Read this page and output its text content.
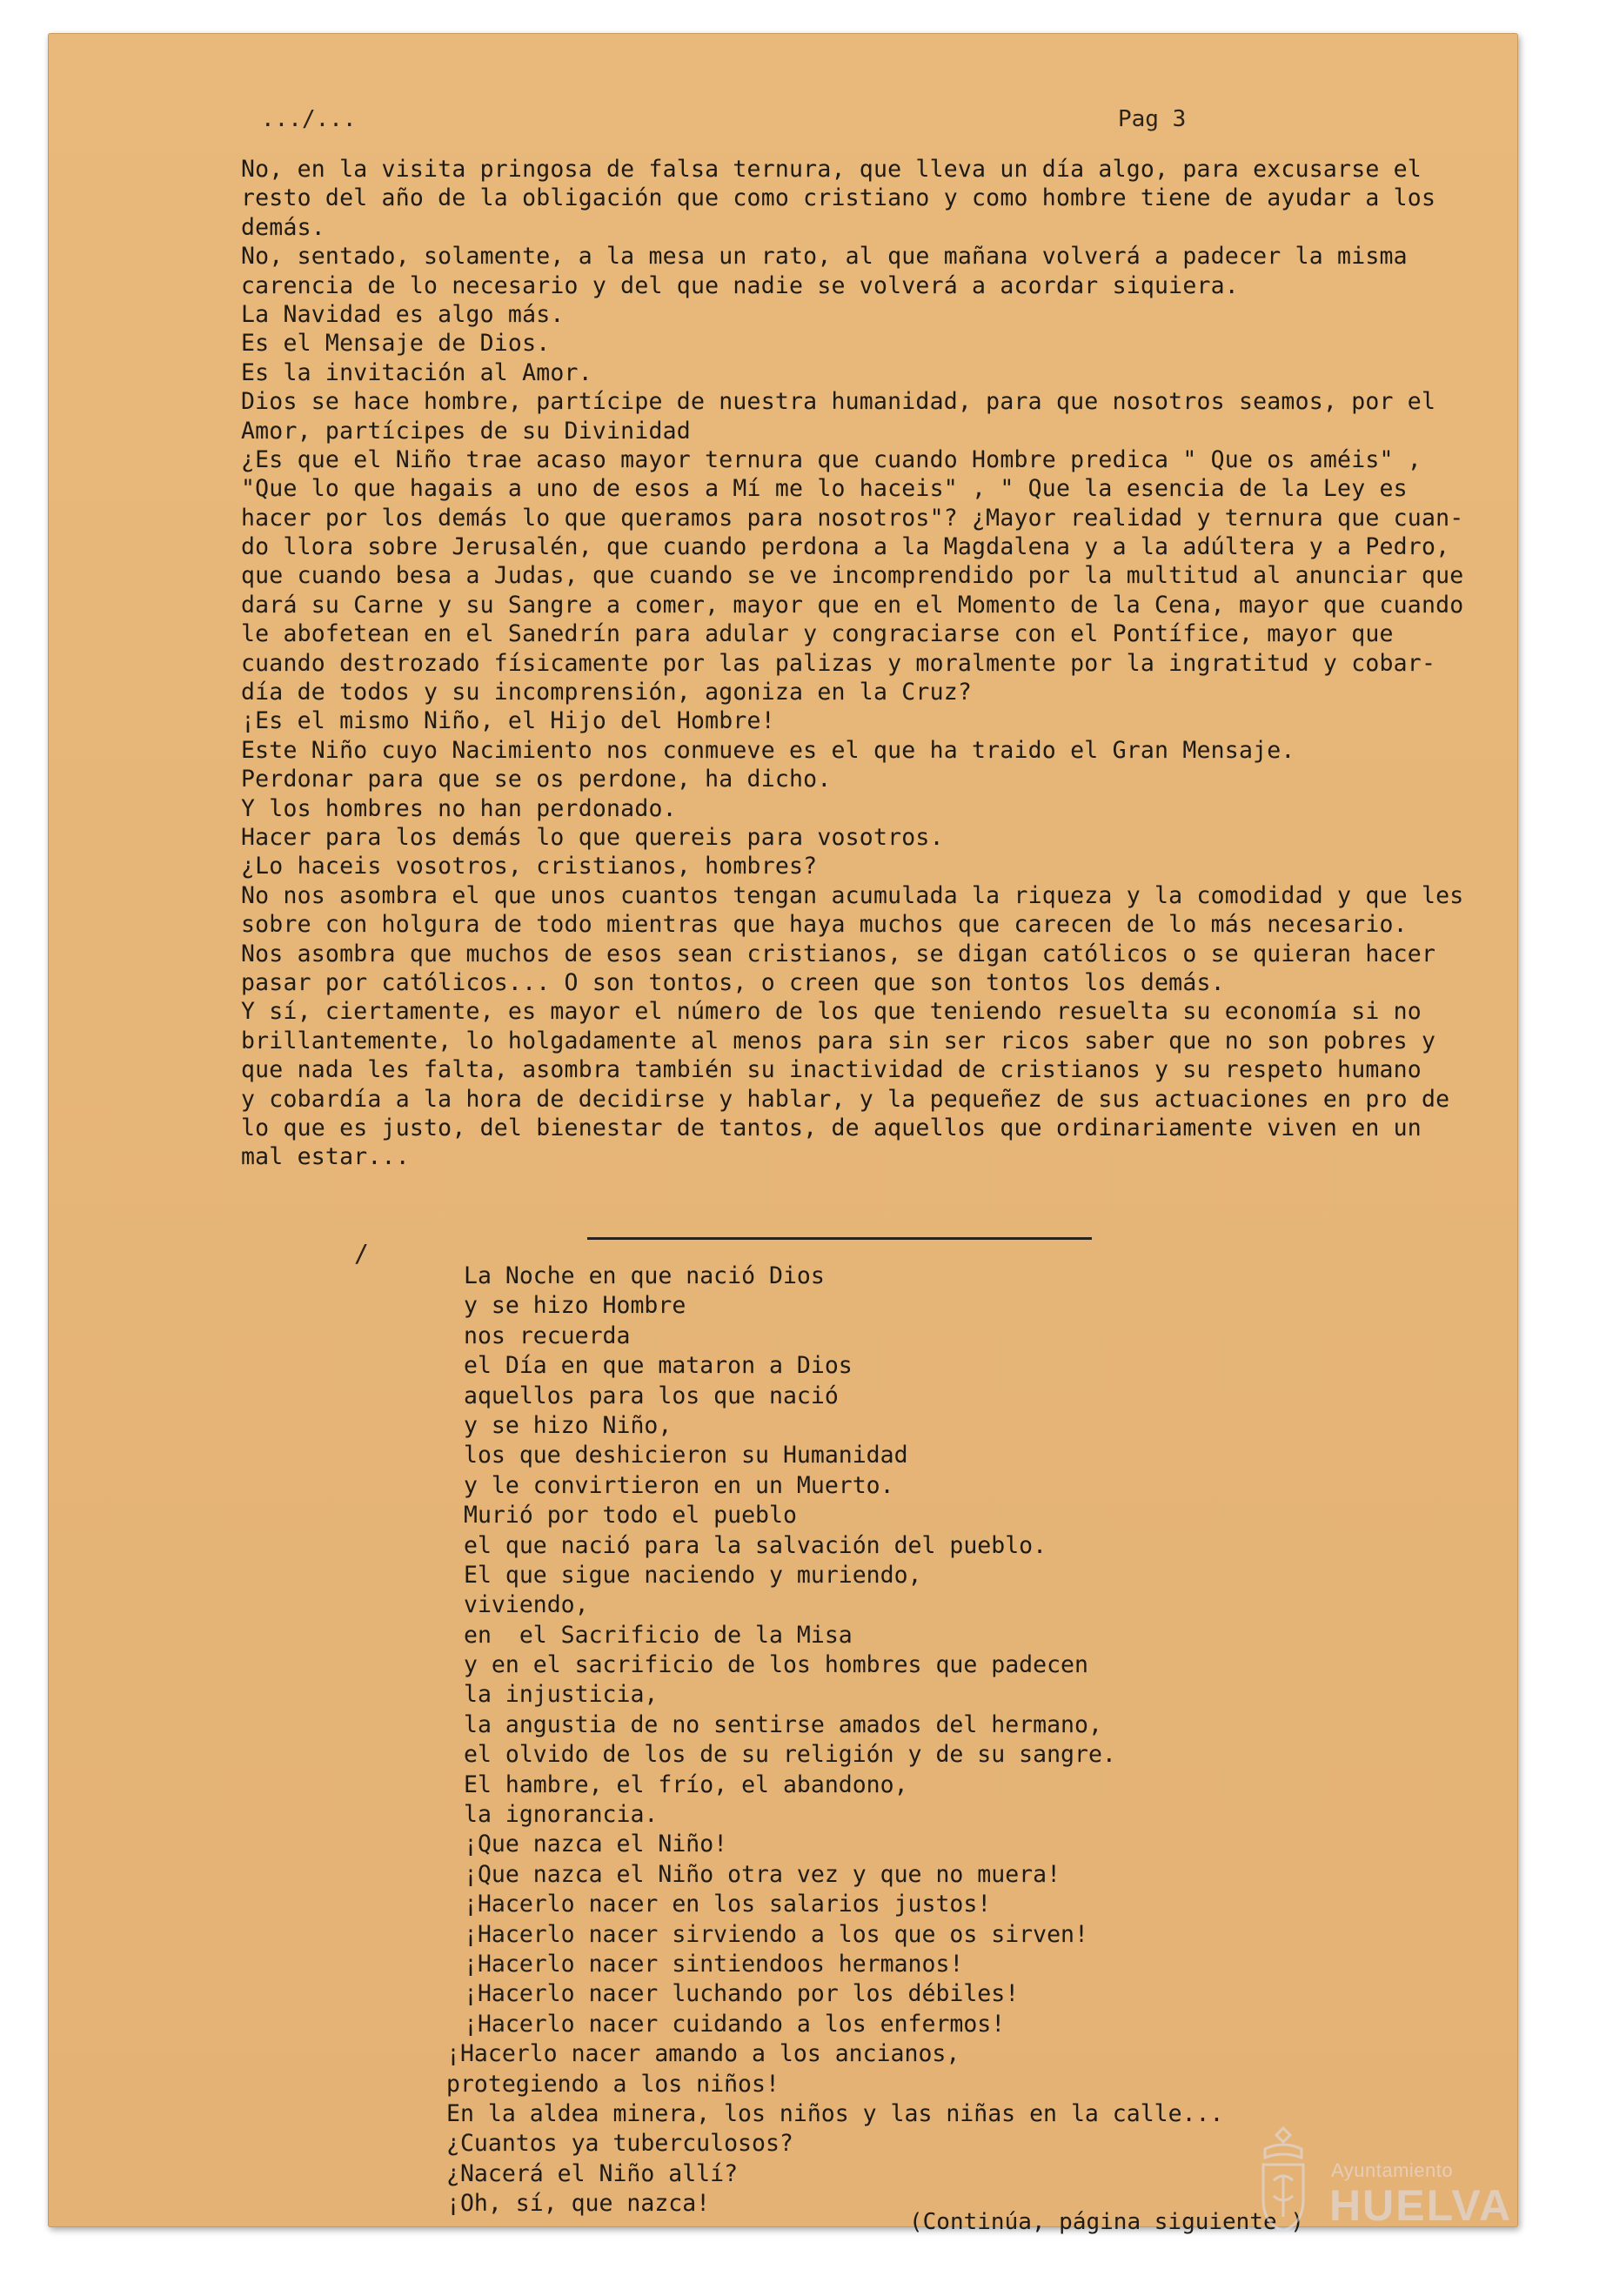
.../...	Pag 3
No, en la visita pringosa de falsa ternura, que lleva un día algo, para excusarse el
resto del año de la obligación que como cristiano y como hombre tiene de ayudar a los
demás.
No, sentado, solamente, a la mesa un rato, al que mañana volverá a padecer la misma
carencia de lo necesario y del que nadie se volverá a acordar siquiera.
La Navidad es algo más.
Es el Mensaje de Dios.
Es la invitación al Amor.
Dios se hace hombre, partícipe de nuestra humanidad, para que nosotros seamos, por el
Amor, partícipes de su Divinidad
¿Es que el Niño trae acaso mayor ternura que cuando Hombre predica " Que os améis" ,
"Que lo que hagais a uno de esos a Mí me lo haceis" , " Que la esencia de la Ley es
hacer por los demás lo que queramos para nosotros"? ¿Mayor realidad y ternura que cuan-
do llora sobre Jerusalén, que cuando perdona a la Magdalena y a la adúltera y a Pedro,
que cuando besa a Judas, que cuando se ve incomprendido por la multitud al anunciar que
dará su Carne y su Sangre a comer, mayor que en el Momento de la Cena, mayor que cuando
le abofetean en el Sanedrín para adular y congraciarse con el Pontífice, mayor que
cuando destrozado físicamente por las palizas y moralmente por la ingratitud y cobar-
día de todos y su incomprensión, agoniza en la Cruz?
¡Es el mismo Niño, el Hijo del Hombre!
Este Niño cuyo Nacimiento nos conmueve es el que ha traido el Gran Mensaje.
Perdonar para que se os perdone, ha dicho.
Y los hombres no han perdonado.
Hacer para los demás lo que quereis para vosotros.
¿Lo haceis vosotros, cristianos, hombres?
No nos asombra el que unos cuantos tengan acumulada la riqueza y la comodidad y que les
sobre con holgura de todo mientras que haya muchos que carecen de lo más necesario.
Nos asombra que muchos de esos sean cristianos, se digan católicos o se quieran hacer
pasar por católicos... O son tontos, o creen que son tontos los demás.
Y sí, ciertamente, es mayor el número de los que teniendo resuelta su economía si no
brillantemente, lo holgadamente al menos para sin ser ricos saber que no son pobres y
que nada les falta, asombra también su inactividad de cristianos y su respeto humano
y cobardía a la hora de decidirse y hablar, y la pequeñez de sus actuaciones en pro de
lo que es justo, del bienestar de tantos, de aquellos que ordinariamente viven en un
mal estar...
/
La Noche en que nació Dios
y se hizo Hombre
nos recuerda
el Día en que mataron a Dios
aquellos para los que nació
y se hizo Niño,
los que deshicieron su Humanidad
y le convirtieron en un Muerto.
Murió por todo el pueblo
el que nació para la salvación del pueblo.
El que sigue naciendo y muriendo,
viviendo,
en  el Sacrificio de la Misa
y en el sacrificio de los hombres que padecen
la injusticia,
la angustia de no sentirse amados del hermano,
el olvido de los de su religión y de su sangre.
El hambre, el frío, el abandono,
la ignorancia.
¡Que nazca el Niño!
¡Que nazca el Niño otra vez y que no muera!
¡Hacerlo nacer en los salarios justos!
¡Hacerlo nacer sirviendo a los que os sirven!
¡Hacerlo nacer sintiendoos hermanos!
¡Hacerlo nacer luchando por los débiles!
¡Hacerlo nacer cuidando a los enfermos!
¡Hacerlo nacer amando a los ancianos,
protegiendo a los niños!
En la aldea minera, los niños y las niñas en la calle...
¿Cuantos ya tuberculosos?
¿Nacerá el Niño allí?
¡Oh, sí, que nazca!
(Continúa, página siguiente )
Ayuntamiento
HUELVA
